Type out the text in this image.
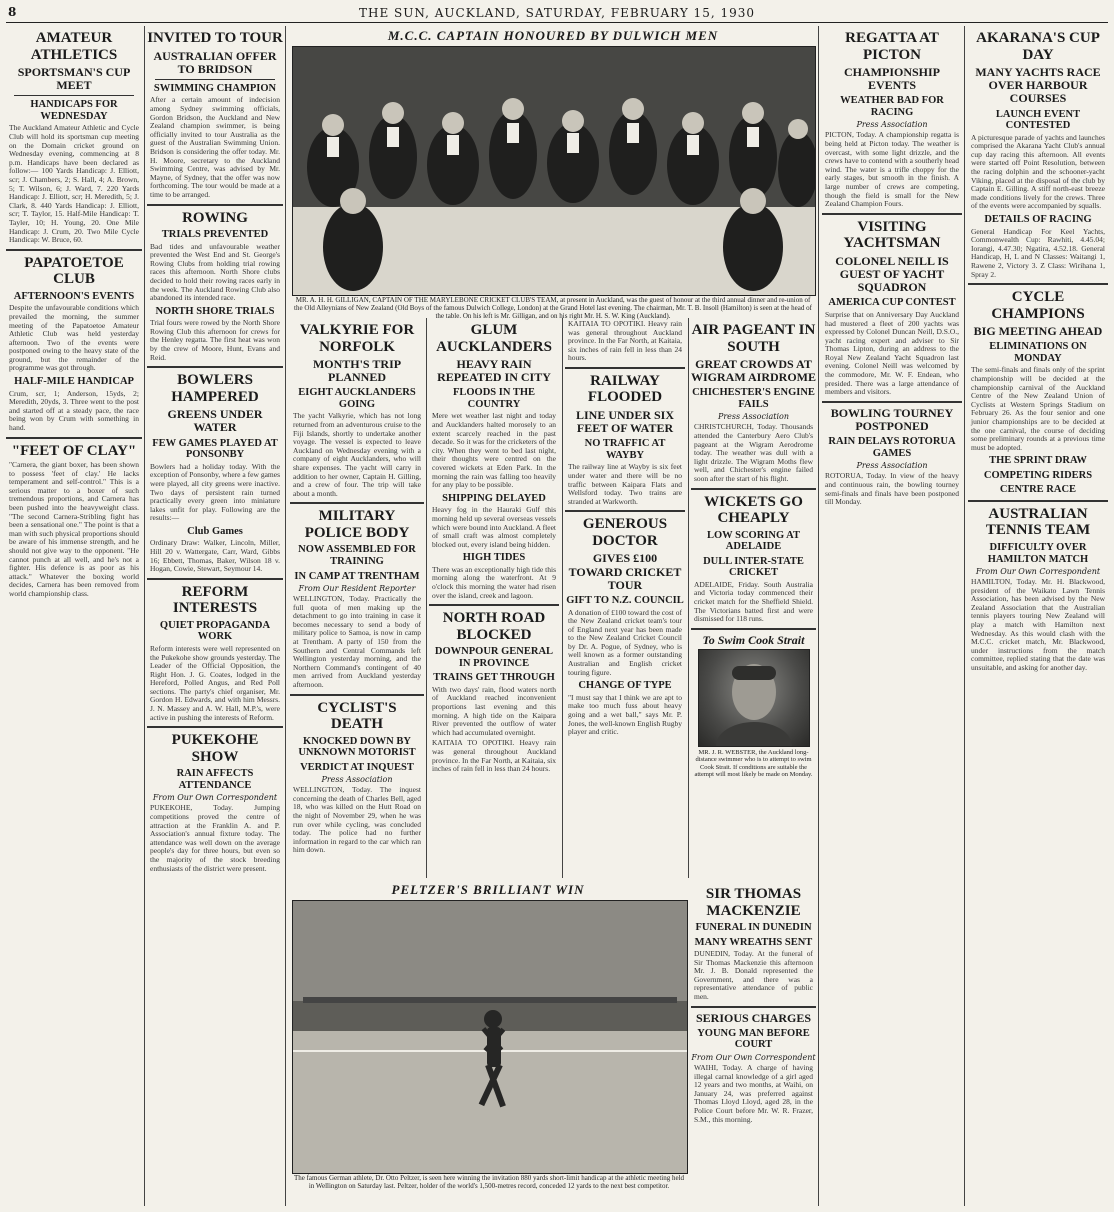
8	THE SUN, AUCKLAND, SATURDAY, FEBRUARY 15, 1930
AMATEUR ATHLETICS
SPORTSMAN'S CUP MEET
HANDICAPS FOR WEDNESDAY
The Auckland Amateur Athletic and Cycle Club will hold its sportsman cup meeting on the Domain cricket ground on Wednesday evening, commencing at 8 p.m. Handicaps have been declared as follow:— 100 Yards Handicap: J. Elliott, scr; J. Chambers, 2; S. Hall, 4; A. Brown, 5; T. Wilson, 6; J. Ward, 7. 220 Yards Handicap: J. Elliott, scr; H. Meredith, 5; J. Clark, 8. 440 Yards Handicap: J. Elliott, scr; T. Taylor, 15. Half-Mile Handicap: T. Tayler, 10; H. Young, 20. One Mile Handicap: J. Crum, 20. Two Mile Cycle Handicap: W. Bruce, 60.
PAPATOETOE CLUB
AFTERNOON'S EVENTS
Despite the unfavourable conditions which prevailed the morning, the summer meeting of the Papatoetoe Amateur Athletic Club was held yesterday afternoon. Two of the events were postponed owing to the heavy state of the ground, but the remainder of the programme was got through.
HALF-MILE HANDICAP
Crum, scr, 1; Anderson, 15yds, 2; Meredith, 20yds, 3. Three went to the post and started off at a steady pace, the race being won by Crum with something in hand.
"FEET OF CLAY"
"Carnera, the giant boxer, has been shown to possess 'feet of clay.' He lacks temperament and self-control." This is a serious matter to a boxer of such tremendous proportions, and Carnera has been pushed into the heavyweight class. "The second Carnera-Stribling fight has been a sensational one." The point is that a man with such physical proportions should be aware of his immense strength, and he should not give way to the opponent. "He cannot punch at all well, and he's not a fighter. His defence is as poor as his attack." Whatever the boxing world decides, Carnera has been removed from world championship class.
INVITED TO TOUR
AUSTRALIAN OFFER TO BRIDSON
SWIMMING CHAMPION
After a certain amount of indecision among Sydney swimming officials, Gordon Bridson, the Auckland and New Zealand champion swimmer, is being officially invited to tour Australia as the guest of the Australian Swimming Union. Bridson is considering the offer today. Mr. H. Moore, secretary to the Auckland Swimming Centre, was advised by Mr. Mayne, of Sydney, that the offer was now forthcoming. The tour would be made at a time to be arranged.
ROWING
TRIALS PREVENTED
Bad tides and unfavourable weather prevented the West End and St. George's Rowing Clubs from holding trial rowing races this afternoon. North Shore clubs decided to hold their rowing races early in the week. The Auckland Rowing Club also abandoned its intended race.
NORTH SHORE TRIALS
Trial fours were rowed by the North Shore Rowing Club this afternoon for crews for the Henley regatta. The first heat was won by the crew of Moore, Hunt, Evans and Reid.
BOWLERS HAMPERED
GREENS UNDER WATER
FEW GAMES PLAYED AT PONSONBY
Bowlers had a holiday today. With the exception of Ponsonby, where a few games were played, all city greens were inactive. Two days of persistent rain turned practically every green into miniature lakes unfit for play. Following are the results:—
Club Games
Ordinary Draw: Walker, Lincoln, Miller, Hill 20 v. Wattergate, Carr, Ward, Gibbs 16; Ebbett, Thomas, Baker, Wilson 18 v. Hogan, Cowie, Stewart, Seymour 14.
REFORM INTERESTS
QUIET PROPAGANDA WORK
Reform interests were well represented on the Pukekohe show grounds yesterday. The Leader of the Official Opposition, the Right Hon. J. G. Coates, lodged in the Hereford, Polled Angus, and Red Poll sections. The party's chief organiser, Mr. Gordon H. Edwards, and with him Messrs. J. N. Massey and A. W. Hall, M.P.'s, were active in pushing the interests of Reform.
PUKEKOHE SHOW
RAIN AFFECTS ATTENDANCE
From Our Own Correspondent
PUKEKOHE, Today. Jumping competitions proved the centre of attraction at the Franklin A. and P. Association's annual fixture today. The attendance was well down on the average people's day for three hours, but even so the majority of the stock breeding enthusiasts of the district were present.
M.C.C. CAPTAIN HONOURED BY DULWICH MEN
MR. A. H. H. GILLIGAN, CAPTAIN OF THE MARYLEBONE CRICKET CLUB'S TEAM, at present in Auckland, was the guest of honour at the third annual dinner and re-union of the Old Alleynians of New Zealand (Old Boys of the famous Dulwich College, London) at the Grand Hotel last evening. The chairman, Mr. T. B. Insoll (Hamilton) is seen at the head of the table. On his left is Mr. Gilligan, and on his right Mr. H. S. W. King (Auckland).
VALKYRIE FOR NORFOLK
MONTH'S TRIP PLANNED
EIGHT AUCKLANDERS GOING
The yacht Valkyrie, which has not long returned from an adventurous cruise to the Fiji Islands, shortly to undertake another voyage. The vessel is expected to leave Auckland on Wednesday evening with a company of eight Aucklanders, who will share expenses. The yacht will carry in addition to her owner, Captain H. Gilling, and a crew of four. The trip will take about a month.
MILITARY POLICE BODY
NOW ASSEMBLED FOR TRAINING
IN CAMP AT TRENTHAM
From Our Resident Reporter
WELLINGTON, Today. Practically the full quota of men making up the detachment to go into training in case it becomes necessary to send a body of military police to Samoa, is now in camp at Trentham. A party of 150 from the Southern and Central Commands left Wellington yesterday morning, and the Northern Command's contingent of 40 men arrived from Auckland yesterday afternoon.
CYCLIST'S DEATH
KNOCKED DOWN BY UNKNOWN MOTORIST
VERDICT AT INQUEST
Press Association
WELLINGTON, Today. The inquest concerning the death of Charles Bell, aged 18, who was killed on the Hutt Road on the night of November 29, when he was run over while cycling, was concluded today. The police had no further information in regard to the car which ran him down.
GLUM AUCKLANDERS
HEAVY RAIN REPEATED IN CITY
FLOODS IN THE COUNTRY
Mere wet weather last night and today and Aucklanders halted morosely to an extent scarcely reached in the past decade. So it was for the cricketers of the city. When they went to bed last night, their thoughts were centred on the covered wickets at Eden Park. In the morning the rain was falling too heavily for any play to be possible.
SHIPPING DELAYED
Heavy fog in the Hauraki Gulf this morning held up several overseas vessels which were bound into Auckland. A fleet of small craft was almost completely blocked out, every island being hidden.
HIGH TIDES
There was an exceptionally high tide this morning along the waterfront. At 9 o'clock this morning the water had risen over the island, creek and lagoon.
NORTH ROAD BLOCKED
DOWNPOUR GENERAL IN PROVINCE
TRAINS GET THROUGH
With two days' rain, flood waters north of Auckland reached inconvenient proportions last evening and this morning. A high tide on the Kaipara River prevented the outflow of water which had accumulated overnight.
KAITAIA TO OPOTIKI. Heavy rain was general throughout Auckland province. In the Far North, at Kaitaia, six inches of rain fell in less than 24 hours.
KAITAIA TO OPOTIKI. Heavy rain was general throughout Auckland province. In the Far North, at Kaitaia, six inches of rain fell in less than 24 hours.
RAILWAY FLOODED
LINE UNDER SIX FEET OF WATER
NO TRAFFIC AT WAYBY
The railway line at Wayby is six feet under water and there will be no traffic between Kaipara Flats and Wellsford today. Two trains are stranded at Warkworth.
GENEROUS DOCTOR
GIVES £100 TOWARD CRICKET TOUR
GIFT TO N.Z. COUNCIL
A donation of £100 toward the cost of the New Zealand cricket team's tour of England next year has been made to the New Zealand Cricket Council by Dr. A. Pogue, of Sydney, who is well known as a former outstanding Australian and English cricket touring figure.
CHANGE OF TYPE
"I must say that I think we are apt to make too much fuss about heavy going and a wet ball," says Mr. P. Jones, the well-known English Rugby player and critic.
AIR PAGEANT IN SOUTH
GREAT CROWDS AT WIGRAM AIRDROME
CHICHESTER'S ENGINE FAILS
Press Association
CHRISTCHURCH, Today. Thousands attended the Canterbury Aero Club's pageant at the Wigram Aerodrome today. The weather was dull with a light drizzle. The Wigram Moths flew well, and Chichester's engine failed soon after the start of his flight.
WICKETS GO CHEAPLY
LOW SCORING AT ADELAIDE
DULL INTER-STATE CRICKET
ADELAIDE, Friday. South Australia and Victoria today commenced their cricket match for the Sheffield Shield. The Victorians batted first and were dismissed for 118 runs.
To Swim Cook Strait
MR. J. R. WEBSTER, the Auckland long-distance swimmer who is to attempt to swim Cook Strait. If conditions are suitable the attempt will most likely be made on Monday.
SIR THOMAS MACKENZIE
FUNERAL IN DUNEDIN
MANY WREATHS SENT
DUNEDIN, Today. At the funeral of Sir Thomas Mackenzie this afternoon Mr. J. B. Donald represented the Government, and there was a representative attendance of public men.
SERIOUS CHARGES
YOUNG MAN BEFORE COURT
From Our Own Correspondent
WAIHI, Today. A charge of having illegal carnal knowledge of a girl aged 12 years and two months, at Waihi, on January 24, was preferred against Thomas Lloyd Lloyd, aged 28, in the Police Court before Mr. W. R. Frazer, S.M., this morning.
PELTZER'S BRILLIANT WIN
The famous German athlete, Dr. Otto Peltzer, is seen here winning the invitation 880 yards short-limit handicap at the athletic meeting held in Wellington on Saturday last. Peltzer, holder of the world's 1,500-metres record, conceded 12 yards to the next best competitor.
REGATTA AT PICTON
CHAMPIONSHIP EVENTS
WEATHER BAD FOR RACING
Press Association
PICTON, Today. A championship regatta is being held at Picton today. The weather is overcast, with some light drizzle, and the crews have to contend with a southerly head wind. The water is a trifle choppy for the early stages, but smooth in the finish. A large number of crews are competing, though the field is small for the New Zealand Champion Fours.
VISITING YACHTSMAN
COLONEL NEILL IS GUEST OF YACHT SQUADRON
AMERICA CUP CONTEST
Surprise that on Anniversary Day Auckland had mustered a fleet of 200 yachts was expressed by Colonel Duncan Neill, D.S.O., yacht racing expert and adviser to Sir Thomas Lipton, during an address to the Royal New Zealand Yacht Squadron last evening. Colonel Neill was welcomed by the commodore, Mr. W. F. Endean, who presided. There was a large attendance of members and visitors.
BOWLING TOURNEY POSTPONED
RAIN DELAYS ROTORUA GAMES
Press Association
ROTORUA, Today. In view of the heavy and continuous rain, the bowling tourney semi-finals and finals have been postponed till Monday.
AKARANA'S CUP DAY
MANY YACHTS RACE OVER HARBOUR COURSES
LAUNCH EVENT CONTESTED
A picturesque parade of yachts and launches comprised the Akarana Yacht Club's annual cup day racing this afternoon. All events were started off Point Resolution, between the racing dolphin and the schooner-yacht Viking, placed at the disposal of the club by Captain E. Gilling. A stiff north-east breeze made conditions lively for the crews. Three of the events were accompanied by squalls.
DETAILS OF RACING
General Handicap For Keel Yachts, Commonwealth Cup: Rawhiti, 4.45.04; Iorangi, 4.47.30; Ngatira, 4.52.18. General Handicap, H, L and N Classes: Waitangi 1, Rawene 2, Victory 3. Z Class: Wirihana 1, Spray 2.
CYCLE CHAMPIONS
BIG MEETING AHEAD
ELIMINATIONS ON MONDAY
The semi-finals and finals only of the sprint championship will be decided at the championship carnival of the Auckland Centre of the New Zealand Union of Cyclists at Western Springs Stadium on February 26. As the four senior and one junior championships are to be decided at the one carnival, the course of deciding some preliminary rounds at a previous time must be adopted.
THE SPRINT DRAW
COMPETING RIDERS
CENTRE RACE
AUSTRALIAN TENNIS TEAM
DIFFICULTY OVER HAMILTON MATCH
From Our Own Correspondent
HAMILTON, Today. Mr. H. Blackwood, president of the Waikato Lawn Tennis Association, has been advised by the New Zealand Association that the Australian tennis players touring New Zealand will play a match with Hamilton next Wednesday. As this would clash with the M.C.C. cricket match, Mr. Blackwood, under instructions from the match committee, replied stating that the date was unsuitable, and asking for another day.
